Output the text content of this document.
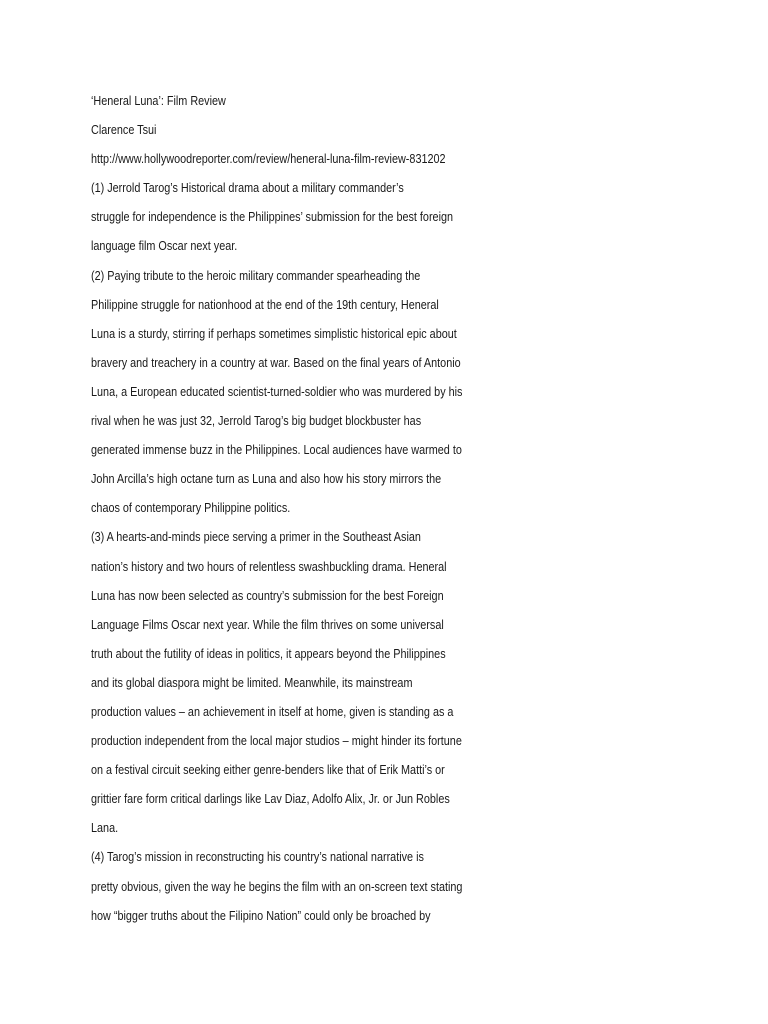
‘Heneral Luna’: Film Review
Clarence Tsui
http://www.hollywoodreporter.com/review/heneral-luna-film-review-831202
(1) Jerrold Tarog’s Historical drama about a military commander’s
struggle for independence is the Philippines’ submission for the best foreign
language film Oscar next year.
(2) Paying tribute to the heroic military commander spearheading the
Philippine struggle for nationhood at the end of the 19th century, Heneral
Luna is a sturdy, stirring if perhaps sometimes simplistic historical epic about
bravery and treachery in a country at war. Based on the final years of Antonio
Luna, a European educated scientist-turned-soldier who was murdered by his
rival when he was just 32, Jerrold Tarog’s big budget blockbuster has
generated immense buzz in the Philippines. Local audiences have warmed to
John Arcilla’s high octane turn as Luna and also how his story mirrors the
chaos of contemporary Philippine politics.
(3) A hearts-and-minds piece serving a primer in the Southeast Asian
nation’s history and two hours of relentless swashbuckling drama. Heneral
Luna has now been selected as country’s submission for the best Foreign
Language Films Oscar next year. While the film thrives on some universal
truth about the futility of ideas in politics, it appears beyond the Philippines
and its global diaspora might be limited. Meanwhile, its mainstream
production values – an achievement in itself at home, given is standing as a
production independent from the local major studios – might hinder its fortune
on a festival circuit seeking either genre-benders like that of Erik Matti’s or
grittier fare form critical darlings like Lav Diaz, Adolfo Alix, Jr. or Jun Robles
Lana.
(4) Tarog’s mission in reconstructing his country’s national narrative is
pretty obvious, given the way he begins the film with an on-screen text stating
how “bigger truths about the Filipino Nation” could only be broached by
